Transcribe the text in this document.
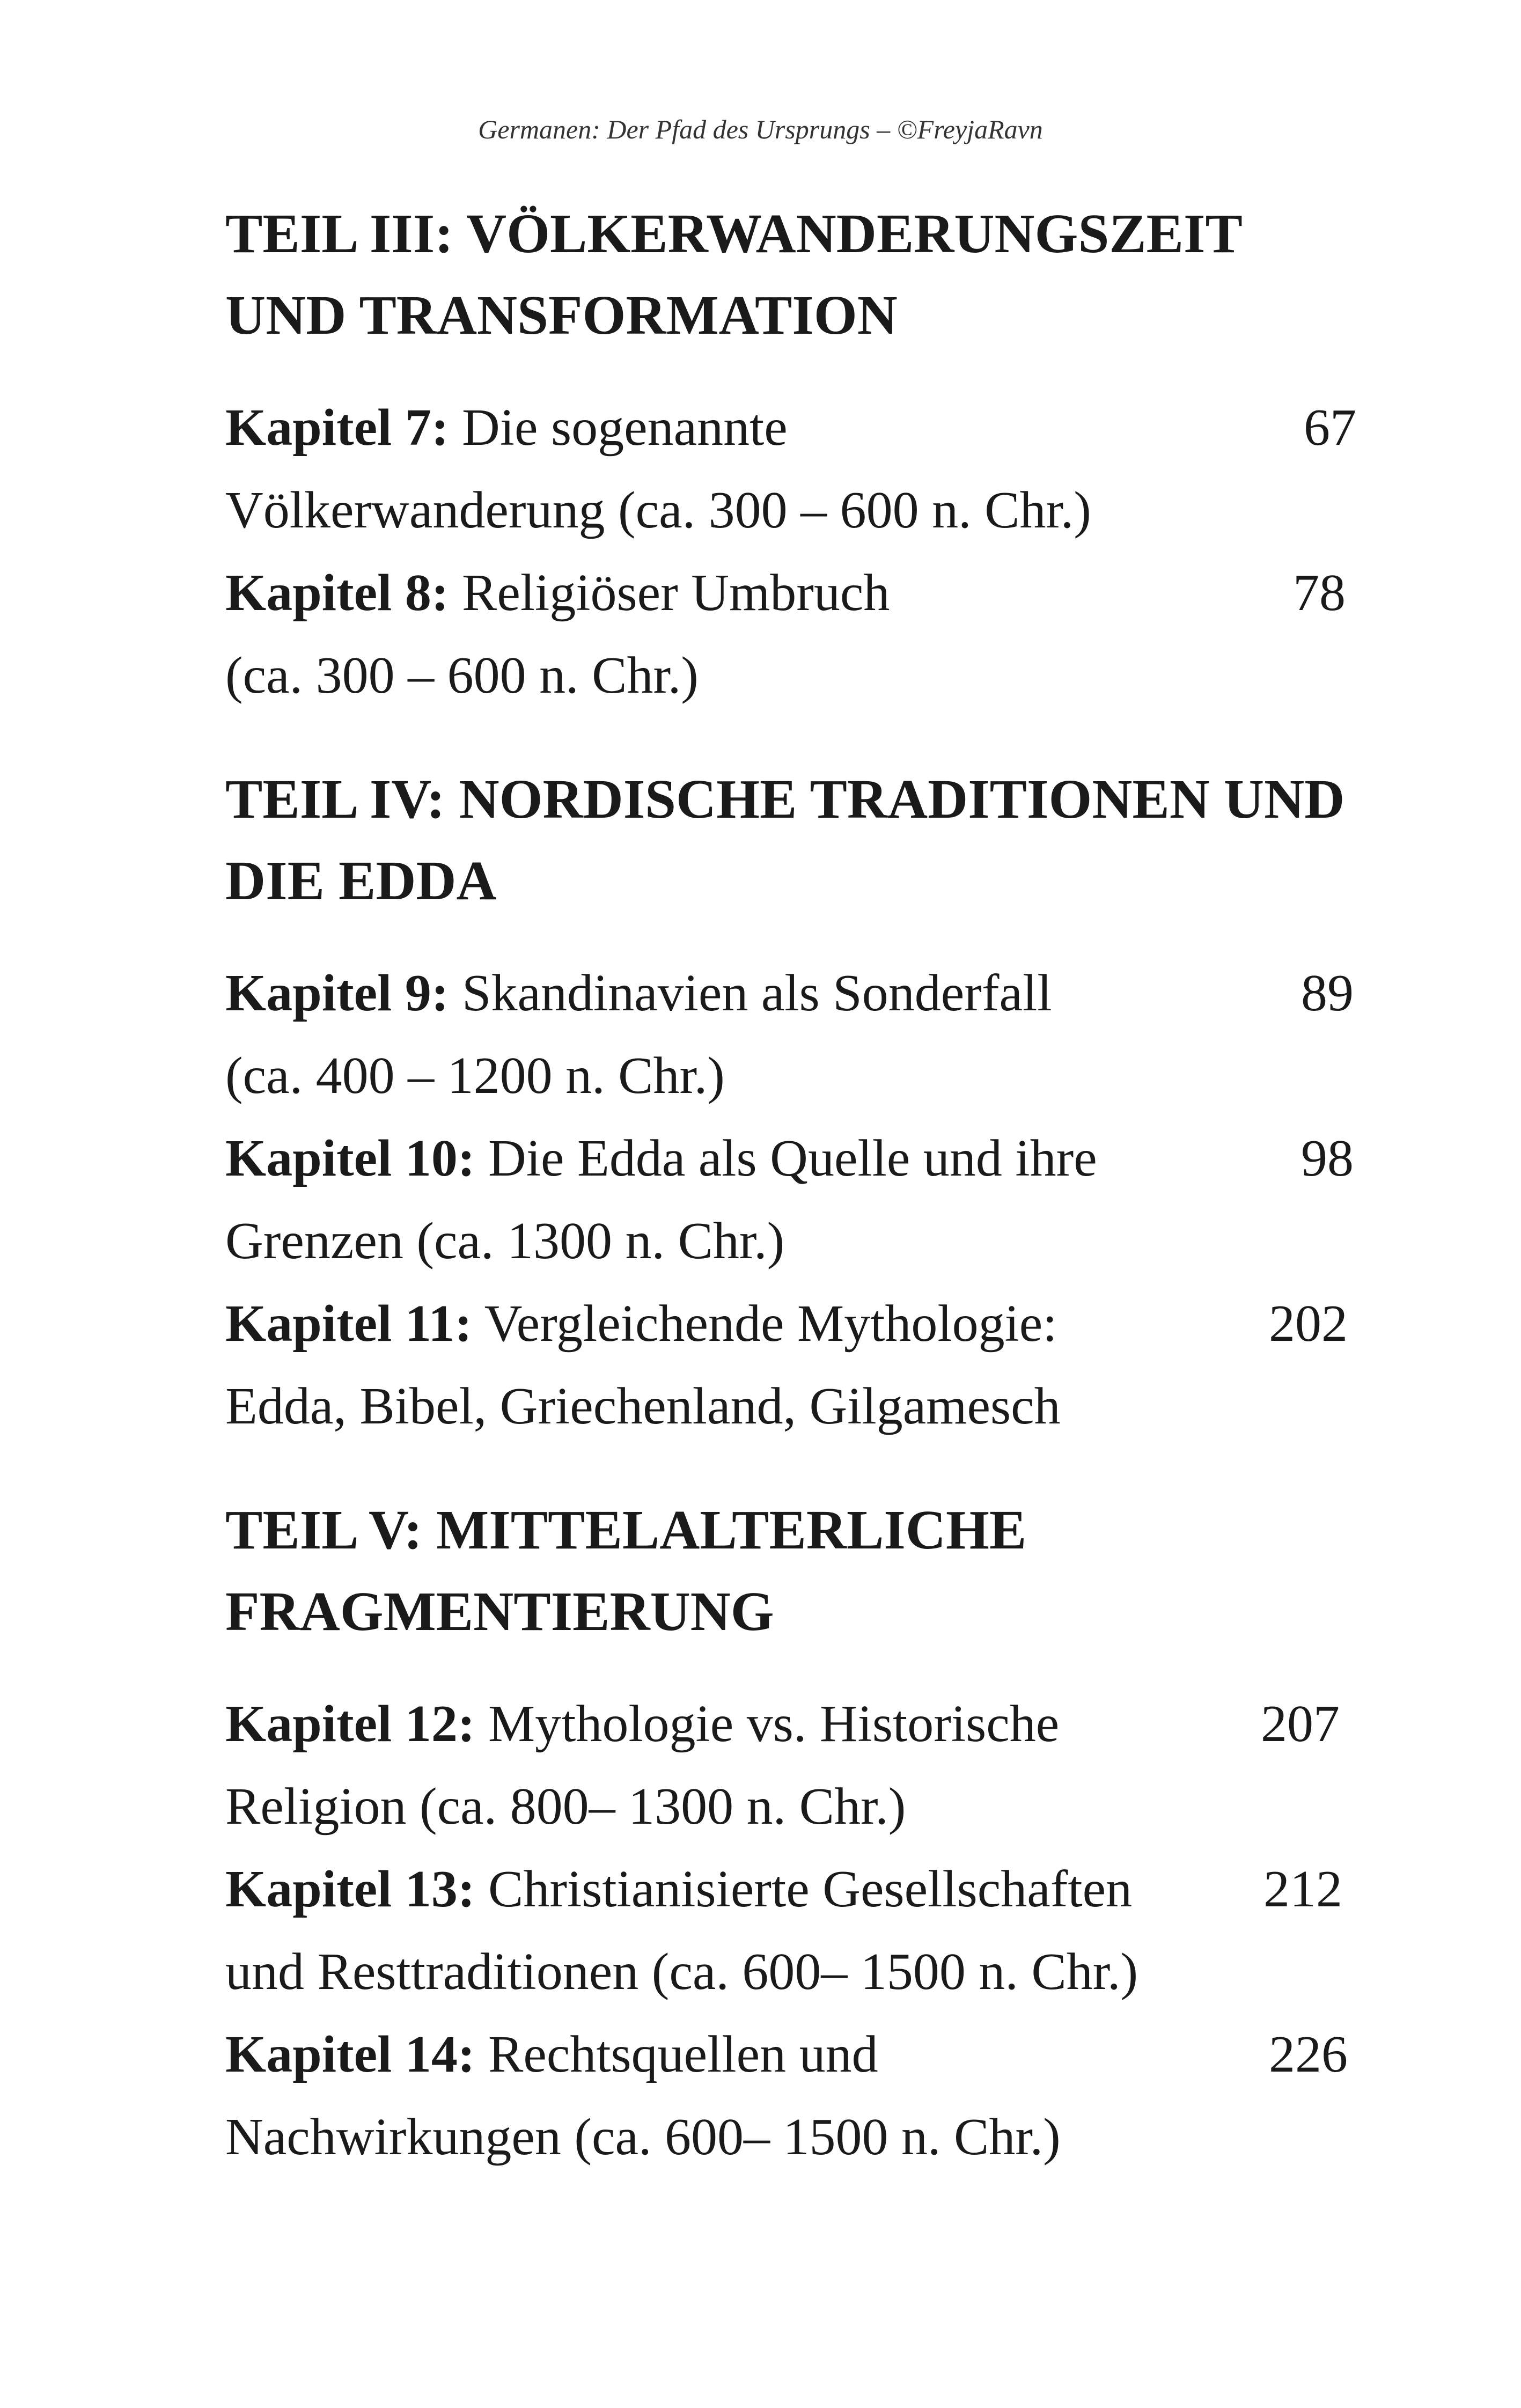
Germanen: Der Pfad des Ursprungs – ©FreyjaRavn
TEIL III: VÖLKERWANDERUNGSZEIT
UND TRANSFORMATION
Kapitel 7: Die sogenannte
Völkerwanderung (ca. 300 – 600 n. Chr.)
67
Kapitel 8: Religiöser Umbruch
(ca. 300 – 600 n. Chr.)
78
TEIL IV: NORDISCHE TRADITIONEN UND
DIE EDDA
Kapitel 9: Skandinavien als Sonderfall
(ca. 400 – 1200 n. Chr.)
89
Kapitel 10: Die Edda als Quelle und ihre
Grenzen (ca. 1300 n. Chr.)
98
Kapitel 11: Vergleichende Mythologie:
Edda, Bibel, Griechenland, Gilgamesch
202
TEIL V: MITTELALTERLICHE
FRAGMENTIERUNG
Kapitel 12: Mythologie vs. Historische
Religion (ca. 800– 1300 n. Chr.)
207
Kapitel 13: Christianisierte Gesellschaften
und Resttraditionen (ca. 600– 1500 n. Chr.)
212
Kapitel 14: Rechtsquellen und
Nachwirkungen (ca. 600– 1500 n. Chr.)
226
